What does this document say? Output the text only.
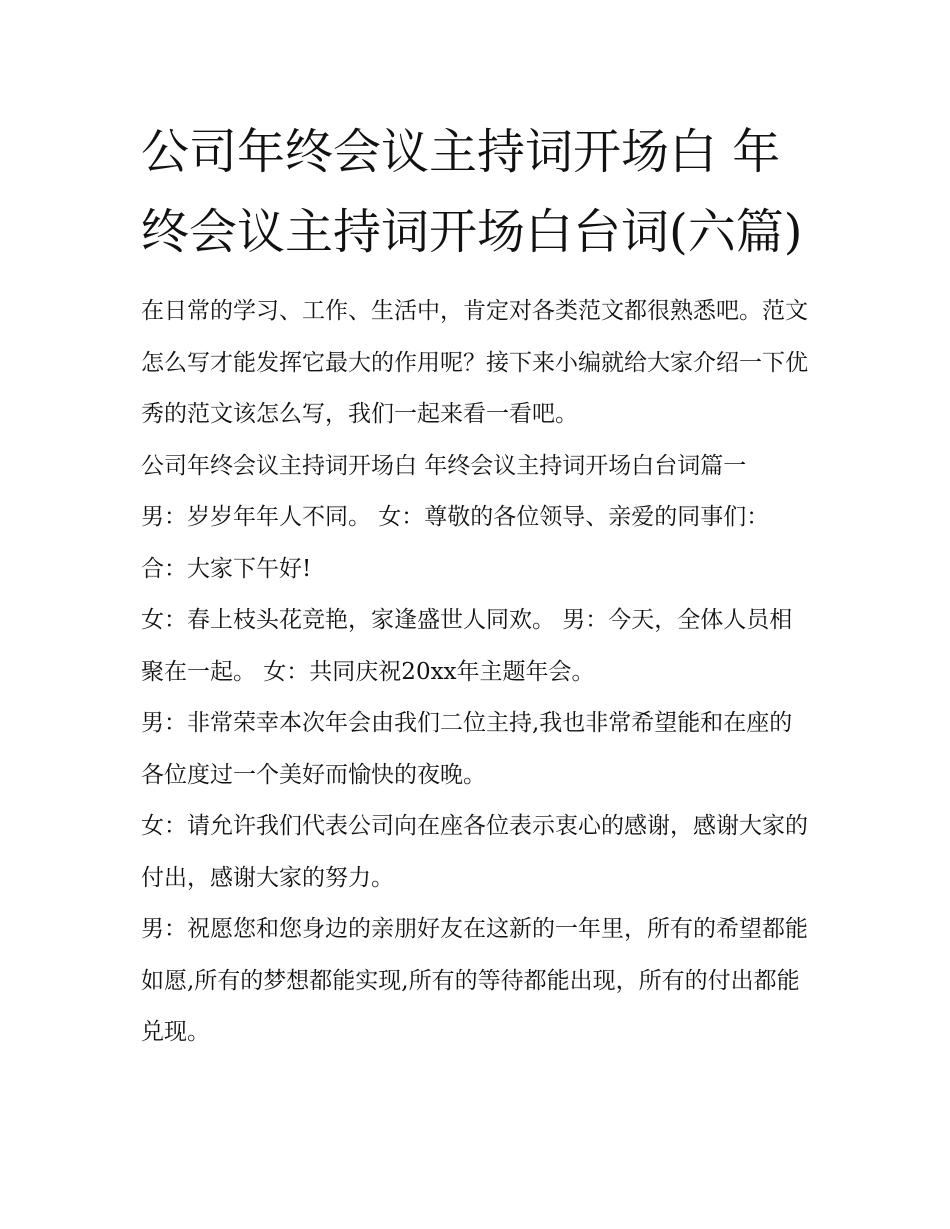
公司年终会议主持词开场白 年终会议主持词开场白台词(六篇)

在日常的学习、工作、生活中，肯定对各类范文都很熟悉吧。范文怎么写才能发挥它最大的作用呢？接下来小编就给大家介绍一下优秀的范文该怎么写，我们一起来看一看吧。

公司年终会议主持词开场白 年终会议主持词开场白台词篇一

男：岁岁年年人不同。 女：尊敬的各位领导、亲爱的同事们： 合：大家下午好!

女：春上枝头花竞艳，家逢盛世人同欢。 男：今天，全体人员相聚在一起。 女：共同庆祝20xx年主题年会。

男：非常荣幸本次年会由我们二位主持,我也非常希望能和在座的各位度过一个美好而愉快的夜晚。

女：请允许我们代表公司向在座各位表示衷心的感谢，感谢大家的付出，感谢大家的努力。

男：祝愿您和您身边的亲朋好友在这新的一年里，所有的希望都能如愿,所有的梦想都能实现,所有的等待都能出现，所有的付出都能兑现。
